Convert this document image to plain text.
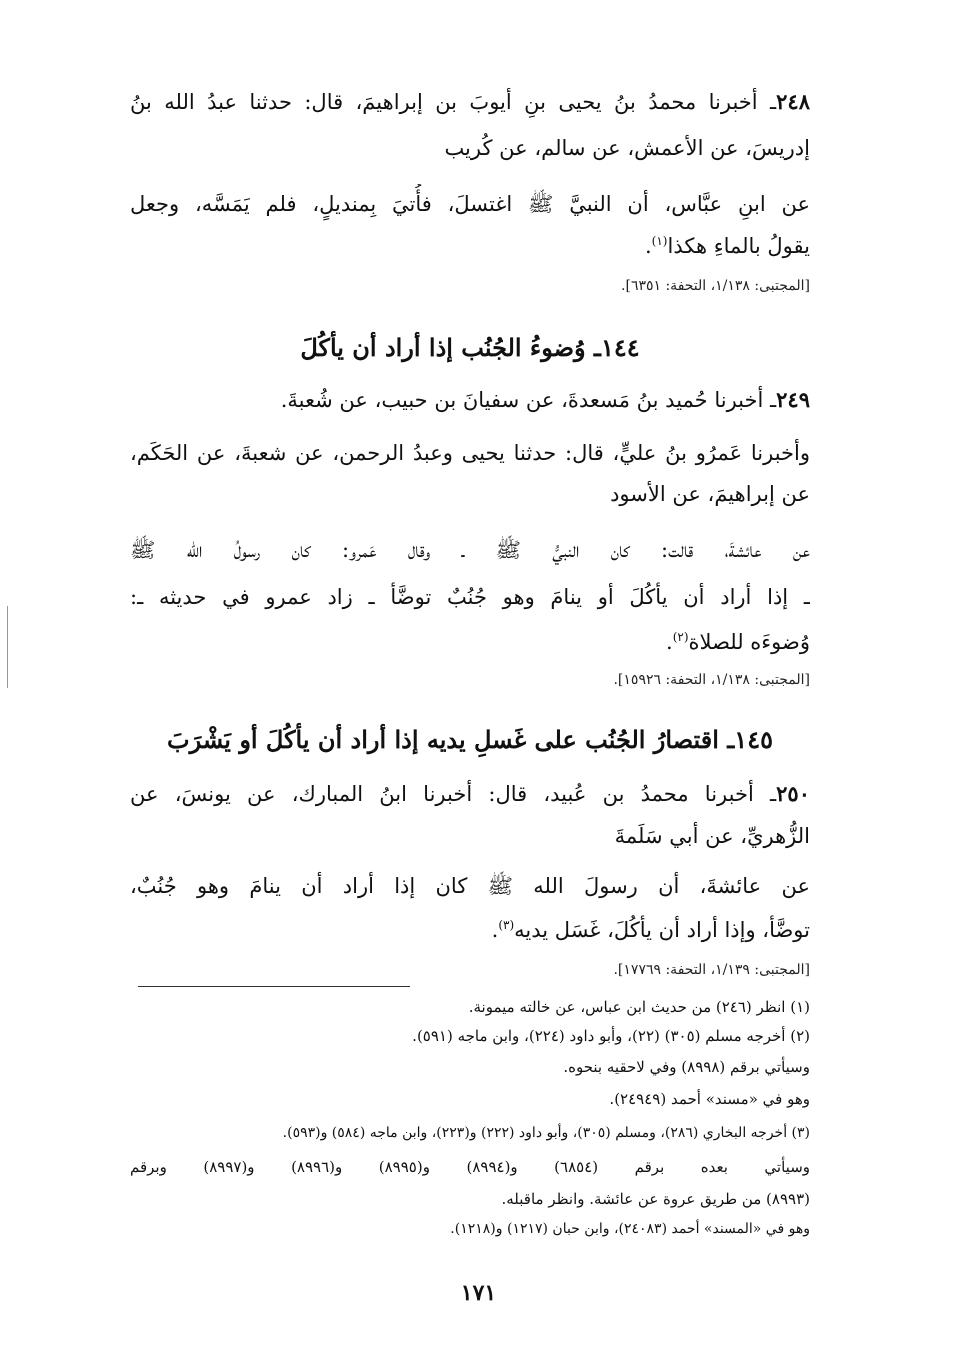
٢٤٨ـ أخبرنا محمدُ بنُ يحيى بنِ أيوبَ بن إبراهيمَ، قال: حدثنا عبدُ الله بنُ
إدريسَ، عن الأعمش، عن سالم، عن كُريب
عن ابنِ عبَّاس، أن النبيَّ ﷺ اغتسلَ، فأُتيَ بِمنديلٍ، فلم يَمَسَّه، وجعل
يقولُ بالماءِ هكذا$^{(١)}$.
[المجتبى: ١/١٣٨، التحفة: ٦٣٥١].
١٤٤ـ وُضوءُ الجُنُب إذا أراد أن يأكُلَ
٢٤٩ـ أخبرنا حُميد بنُ مَسعدةَ، عن سفيانَ بن حبيب، عن شُعبةَ.
وأخبرنا عَمرُو بنُ عليٍّ، قال: حدثنا يحيى وعبدُ الرحمن، عن شعبةَ، عن الحَكَم،
عن إبراهيمَ، عن الأسود
عن عائشةَ، قالت: كان النبيُّ ﷺ ـ وقال عَمرو: كان رسولُ الله ﷺ
ـ إذا أراد أن يأكُلَ أو ينامَ وهو جُنُبٌ توضَّأ ـ زاد عمرو في حديثه ـ:
وُضوءَه للصلاة$^{(٢)}$.
[المجتبى: ١/١٣٨، التحفة: ١٥٩٢٦].
١٤٥ـ اقتصارُ الجُنُب على غَسلِ يديه إذا أراد أن يأكُلَ أو يَشْرَبَ
٢٥٠ـ أخبرنا محمدُ بن عُبيد، قال: أخبرنا ابنُ المبارك، عن يونسَ، عن
الزُّهريِّ، عن أبي سَلَمةَ
عن عائشةَ، أن رسولَ الله ﷺ كان إذا أراد أن ينامَ وهو جُنُبٌ،
توضَّأ، وإذا أراد أن يأكُلَ، غَسَل يديه$^{(٣)}$.
[المجتبى: ١/١٣٩، التحفة: ١٧٧٦٩].
(١) انظر (٢٤٦) من حديث ابن عباس، عن خالته ميمونة.
(٢) أخرجه مسلم (٣٠٥) (٢٢)، وأبو داود (٢٢٤)، وابن ماجه (٥٩١).
وسيأتي برقم (٨٩٩٨) وفي لاحقيه بنحوه.
وهو في «مسند» أحمد (٢٤٩٤٩).
(٣) أخرجه البخاري (٢٨٦)، ومسلم (٣٠٥)، وأبو داود (٢٢٢) و(٢٢٣)، وابن ماجه (٥٨٤) و(٥٩٣).
وسيأتي بعده برقم (٦٨٥٤) و(٨٩٩٤) و(٨٩٩٥) و(٨٩٩٦) و(٨٩٩٧) وبرقم
(٨٩٩٣) من طريق عروة عن عائشة. وانظر ماقبله.
وهو في «المسند» أحمد (٢٤٠٨٣)، وابن حبان (١٢١٧) و(١٢١٨).
١٧١
